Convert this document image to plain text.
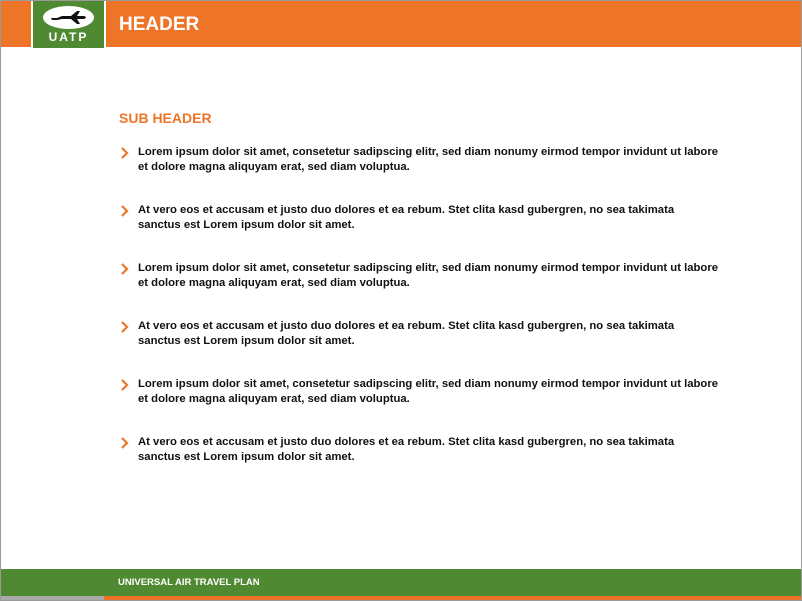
UATP
HEADER
SUB HEADER
Lorem ipsum dolor sit amet, consetetur sadipscing elitr, sed diam nonumy eirmod tempor invidunt ut labore et dolore magna aliquyam erat, sed diam voluptua.
At vero eos et accusam et justo duo dolores et ea rebum. Stet clita kasd gubergren, no sea takimata sanctus est Lorem ipsum dolor sit amet.
Lorem ipsum dolor sit amet, consetetur sadipscing elitr, sed diam nonumy eirmod tempor invidunt ut labore et dolore magna aliquyam erat, sed diam voluptua.
At vero eos et accusam et justo duo dolores et ea rebum. Stet clita kasd gubergren, no sea takimata sanctus est Lorem ipsum dolor sit amet.
Lorem ipsum dolor sit amet, consetetur sadipscing elitr, sed diam nonumy eirmod tempor invidunt ut labore et dolore magna aliquyam erat, sed diam voluptua.
At vero eos et accusam et justo duo dolores et ea rebum. Stet clita kasd gubergren, no sea takimata sanctus est Lorem ipsum dolor sit amet.
UNIVERSAL AIR TRAVEL PLAN
